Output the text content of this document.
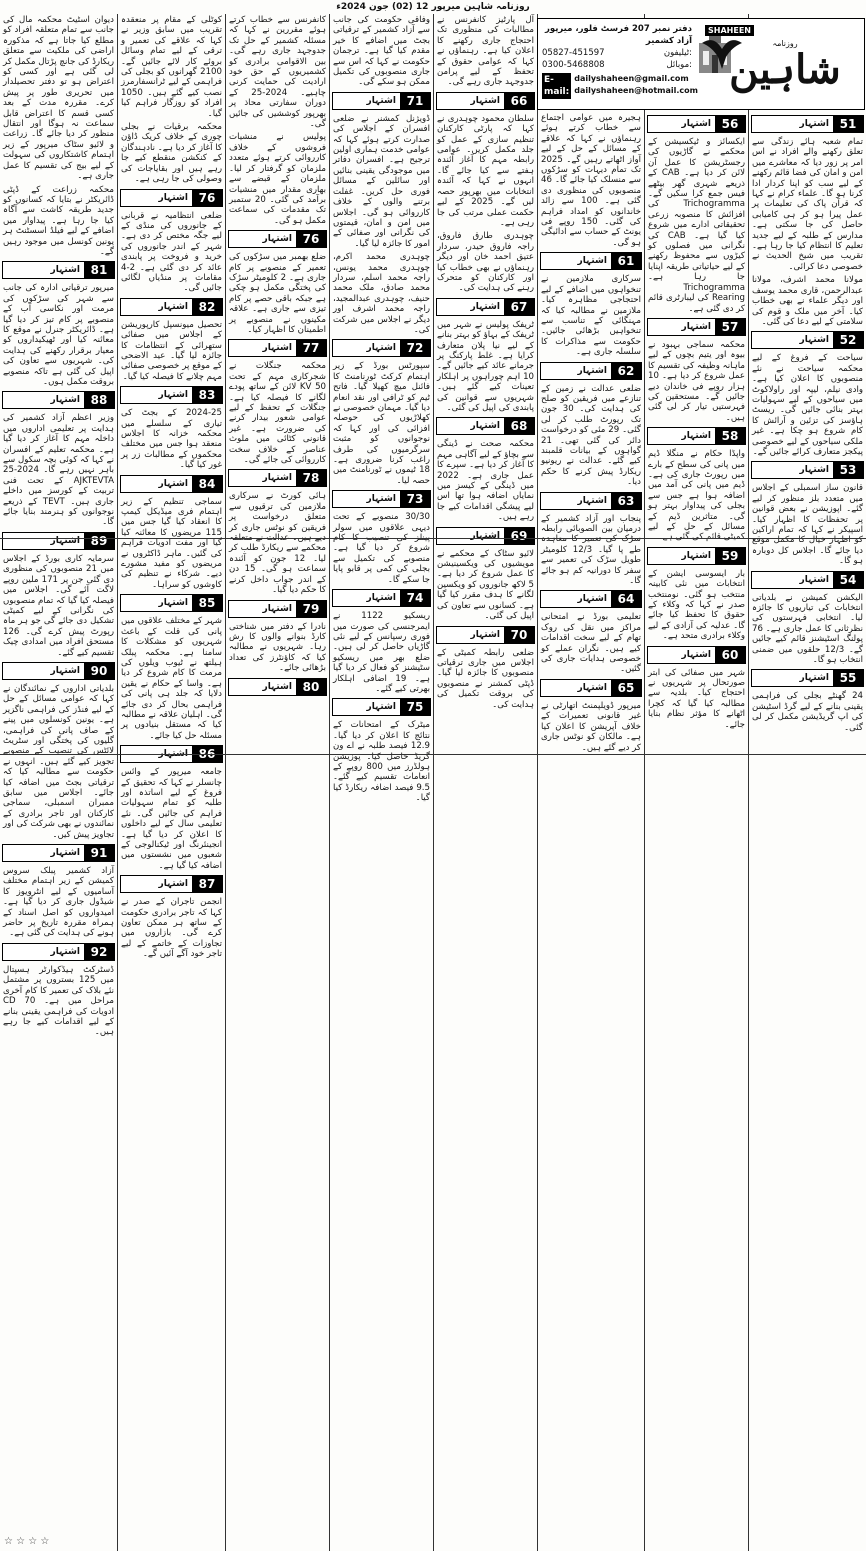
روزنامہ شاہین میرپور 12 (02) جون 2024ء
دیوان اسٹیٹ محکمہ مال کی جانب سے تمام متعلقہ افراد کو مطلع کیا جاتا ہے کہ مذکورہ اراضی کی ملکیت سے متعلق ریکارڈ کی جانچ پڑتال مکمل کر لی گئی ہے اور کسی کو اعتراض ہو تو دفتر تحصیلدار میں تحریری طور پر پیش کرے۔ مقررہ مدت کے بعد کسی قسم کا اعتراض قابل سماعت نہ ہوگا اور انتقال منظور کر دیا جائے گا۔ زراعت و لائیو سٹاک میرپور کے زیر اہتمام کاشتکاروں کی سہولت کے لیے بیج کی تقسیم کا عمل جاری ہے۔
محکمہ زراعت کے ڈپٹی ڈائریکٹر نے بتایا کہ کسانوں کو جدید طریقہ کاشت سے آگاہ کیا جا رہا ہے۔ پیداوار میں اضافے کے لیے فیلڈ اسسٹنٹ ہر یونین کونسل میں موجود رہیں گے۔
اشتہار 81
میرپور ترقیاتی ادارہ کی جانب سے شہر کی سڑکوں کی مرمت اور نکاسی آب کے منصوبے پر کام تیز کر دیا گیا ہے۔ ڈائریکٹر جنرل نے موقع کا معائنہ کیا اور ٹھیکیداروں کو معیار برقرار رکھنے کی ہدایت کی۔ شہریوں سے تعاون کی اپیل کی گئی ہے تاکہ منصوبے بروقت مکمل ہوں۔
اشتہار 88
وزیر اعظم آزاد کشمیر کی ہدایت پر تعلیمی اداروں میں داخلہ مہم کا آغاز کر دیا گیا ہے۔ محکمہ تعلیم کے افسران نے کہا کہ کوئی بچہ سکول سے باہر نہیں رہے گا۔ 2024-25 AJKTEVTA کے تحت فنی تربیت کے کورسز میں داخلے جاری ہیں۔ TEVT کے ذریعے نوجوانوں کو ہنرمند بنایا جائے گا۔
اشتہار 89
سرمایہ کاری بورڈ کے اجلاس میں 21 منصوبوں کی منظوری دی گئی جن پر 171 ملین روپے لاگت آئے گی۔ اجلاس میں فیصلہ کیا گیا کہ تمام منصوبوں کی نگرانی کے لیے کمیٹی تشکیل دی جائے گی جو ہر ماہ رپورٹ پیش کرے گی۔ 126 مستحق افراد میں امدادی چیک تقسیم کیے گئے۔
اشتہار 90
بلدیاتی اداروں کے نمائندگان نے کہا کہ عوامی مسائل کے حل کے لیے فنڈز کی فراہمی ناگزیر ہے۔ یونین کونسلوں میں پینے کے صاف پانی کی فراہمی، گلیوں کی پختگی اور سٹریٹ لائٹس کی تنصیب کے منصوبے تجویز کیے گئے ہیں۔ انہوں نے حکومت سے مطالبہ کیا کہ ترقیاتی بجٹ میں اضافہ کیا جائے۔ اجلاس میں سابق ممبران اسمبلی، سماجی کارکنان اور تاجر برادری کے نمائندوں نے بھی شرکت کی اور تجاویز پیش کیں۔
اشتہار 91
آزاد کشمیر پبلک سروس کمیشن کے زیر اہتمام مختلف آسامیوں کے لیے انٹرویوز کا شیڈول جاری کر دیا گیا ہے۔ امیدواروں کو اصل اسناد کے ہمراہ مقررہ تاریخ پر حاضر ہونے کی ہدایت کی گئی ہے۔
اشتہار 92
ڈسٹرکٹ ہیڈکوارٹر ہسپتال میں 125 بستروں پر مشتمل نئے بلاک کی تعمیر کا کام آخری مراحل میں ہے۔ 70 CD ادویات کی فراہمی یقینی بنانے کے لیے اقدامات کیے جا رہے ہیں۔
کوٹلی کے مقام پر منعقدہ تقریب میں سابق وزیر نے کہا کہ علاقے کی تعمیر و ترقی کے لیے تمام وسائل بروئے کار لائے جائیں گے۔ 2100 گھرانوں کو بجلی کی فراہمی کے لیے ٹرانسفارمرز نصب کیے گئے ہیں۔ 1050 افراد کو روزگار فراہم کیا گیا۔
محکمہ برقیات نے بجلی چوری کے خلاف کریک ڈاؤن کا آغاز کر دیا ہے۔ نادہندگان کے کنکشن منقطع کیے جا رہے ہیں اور بقایاجات کی وصولی کی جا رہی ہے۔
اشتہار 76
ضلعی انتظامیہ نے قربانی کے جانوروں کی منڈی کے لیے جگہ مختص کر دی ہے۔ شہر کے اندر جانوروں کی خرید و فروخت پر پابندی عائد کر دی گئی ہے۔ 2-4 مقامات پر منڈیاں لگائی جائیں گی۔
اشتہار 82
تحصیل میونسپل کارپوریشن کے اجلاس میں صفائی ستھرائی کے انتظامات کا جائزہ لیا گیا۔ عید الاضحی کے موقع پر خصوصی صفائی مہم چلانے کا فیصلہ کیا گیا۔
اشتہار 83
2024-25 کے بجٹ کی تیاری کے سلسلے میں محکمہ خزانہ کا اجلاس منعقد ہوا جس میں مختلف محکموں کے مطالبات زر پر غور کیا گیا۔
اشتہار 84
سماجی تنظیم کے زیر اہتمام فری میڈیکل کیمپ کا انعقاد کیا گیا جس میں 115 مریضوں کا معائنہ کیا گیا اور مفت ادویات فراہم کی گئیں۔ ماہر ڈاکٹروں نے مریضوں کو مفید مشورے دیے۔ شرکاء نے تنظیم کی کاوشوں کو سراہا۔
اشتہار 85
شہر کے مختلف علاقوں میں پانی کی قلت کے باعث شہریوں کو مشکلات کا سامنا ہے۔ محکمہ پبلک ہیلتھ نے ٹیوب ویلوں کی مرمت کا کام شروع کر دیا ہے۔ واسا کے حکام نے یقین دلایا کہ جلد ہی پانی کی فراہمی بحال کر دی جائے گی۔ اہلیان علاقہ نے مطالبہ کیا کہ مستقل بنیادوں پر مسئلہ حل کیا جائے۔
اشتہار 86
جامعہ میرپور کے وائس چانسلر نے کہا کہ تحقیق کے فروغ کے لیے اساتذہ اور طلبہ کو تمام سہولیات فراہم کی جائیں گی۔ نئے تعلیمی سال کے لیے داخلوں کا اعلان کر دیا گیا ہے۔ انجینئرنگ اور ٹیکنالوجی کے شعبوں میں نشستوں میں اضافہ کیا گیا ہے۔
اشتہار 87
انجمن تاجران کے صدر نے کہا کہ تاجر برادری حکومت کے ساتھ ہر ممکن تعاون کرے گی۔ بازاروں میں تجاوزات کے خاتمے کے لیے تاجر خود آگے آئیں گے۔
کانفرنس سے خطاب کرتے ہوئے مقررین نے کہا کہ مسئلہ کشمیر کے حل تک جدوجہد جاری رہے گی۔ بین الاقوامی برادری کو کشمیریوں کے حق خود ارادیت کی حمایت کرنی چاہیے۔ 2024-25 کے دوران سفارتی محاذ پر بھرپور کوششیں کی جائیں گی۔
پولیس نے منشیات فروشوں کے خلاف کارروائی کرتے ہوئے متعدد ملزمان کو گرفتار کر لیا۔ ملزمان کے قبضے سے بھاری مقدار میں منشیات برآمد کی گئی۔ 20 ستمبر تک مقدمات کی سماعت مکمل ہو گی۔
اشتہار 76
ضلع بھمبر میں سڑکوں کی تعمیر کے منصوبے پر کام جاری ہے۔ 2 کلومیٹر سڑک کی پختگی مکمل ہو چکی ہے جبکہ باقی حصے پر کام تیزی سے جاری ہے۔ علاقہ مکینوں نے منصوبے پر اطمینان کا اظہار کیا۔
اشتہار 77
محکمہ جنگلات نے شجرکاری مہم کے تحت 50 KV لائن کے ساتھ پودے لگانے کا فیصلہ کیا ہے۔ جنگلات کے تحفظ کے لیے عوامی شعور بیدار کرنے کی ضرورت ہے۔ غیر قانونی کٹائی میں ملوث عناصر کے خلاف سخت کارروائی کی جائے گی۔
اشتہار 78
ہائی کورٹ نے سرکاری ملازمین کی ترقیوں سے متعلق درخواست پر فریقین کو نوٹس جاری کر دیے ہیں۔ عدالت نے متعلقہ محکمے سے ریکارڈ طلب کر لیا۔ 12 جون کو آئندہ سماعت ہو گی۔ 15 دن کے اندر جواب داخل کرنے کا حکم دیا گیا۔
اشتہار 79
نادرا کے دفتر میں شناختی کارڈ بنوانے والوں کا رش رہا۔ شہریوں نے مطالبہ کیا کہ کاؤنٹرز کی تعداد بڑھائی جائے۔
اشتہار 80
وفاقی حکومت کی جانب سے آزاد کشمیر کے ترقیاتی بجٹ میں اضافے کا خیر مقدم کیا گیا ہے۔ ترجمان حکومت نے کہا کہ اس سے جاری منصوبوں کی تکمیل ممکن ہو سکے گی۔
اشتہار 71
ڈویژنل کمشنر نے ضلعی افسران کے اجلاس کی صدارت کرتے ہوئے کہا کہ عوامی خدمت ہماری اولین ترجیح ہے۔ افسران دفاتر میں موجودگی یقینی بنائیں اور سائلین کے مسائل فوری حل کریں۔ غفلت برتنے والوں کے خلاف کارروائی ہو گی۔ اجلاس میں امن و امان، قیمتوں کی نگرانی اور صفائی کے امور کا جائزہ لیا گیا۔
چوہدری محمد اکرم، چوہدری محمد یونس، راجہ محمد اسلم، سردار محمد صادق، ملک محمد حنیف، چوہدری عبدالمجید، راجہ محمد اشرف اور دیگر نے اجلاس میں شرکت کی۔
اشتہار 72
سپورٹس بورڈ کے زیر اہتمام کرکٹ ٹورنامنٹ کا فائنل میچ کھیلا گیا۔ فاتح ٹیم کو ٹرافی اور نقد انعام دیا گیا۔ مہمان خصوصی نے کھلاڑیوں کی حوصلہ افزائی کی اور کہا کہ نوجوانوں کو مثبت سرگرمیوں کی طرف راغب کرنا ضروری ہے۔ 18 ٹیموں نے ٹورنامنٹ میں حصہ لیا۔
اشتہار 73
30/30 منصوبے کے تحت دیہی علاقوں میں سولر پینلز کی تنصیب کا کام شروع کر دیا گیا ہے۔ منصوبے کی تکمیل سے بجلی کی کمی پر قابو پایا جا سکے گا۔
اشتہار 74
ریسکیو 1122 نے ایمرجنسی کی صورت میں فوری رسپانس کے لیے نئی گاڑیاں حاصل کر لی ہیں۔ ضلع بھر میں ریسکیو سٹیشنز کو فعال کر دیا گیا ہے۔ 19 اضافی اہلکار بھرتی کیے گئے۔
اشتہار 75
میٹرک کے امتحانات کے نتائج کا اعلان کر دیا گیا۔ 12.9 فیصد طلبہ نے اے ون گریڈ حاصل کیا۔ پوزیشن ہولڈرز میں 800 روپے کے انعامات تقسیم کیے گئے۔ 9.5 فیصد اضافہ ریکارڈ کیا گیا۔
آل پارٹیز کانفرنس نے مطالبات کی منظوری تک احتجاج جاری رکھنے کا اعلان کیا ہے۔ رہنماؤں نے کہا کہ عوامی حقوق کے تحفظ کے لیے پرامن جدوجہد جاری رہے گی۔
اشتہار 66
سلطان محمود چوہدری نے کہا کہ پارٹی کارکنان تنظیم سازی کے عمل کو جلد مکمل کریں۔ عوامی رابطہ مہم کا آغاز آئندہ ہفتے سے کیا جائے گا۔ انہوں نے کہا کہ آئندہ انتخابات میں بھرپور حصہ لیں گے۔ 2025 کے لیے حکمت عملی مرتب کی جا رہی ہے۔
چوہدری طارق فاروق، راجہ فاروق حیدر، سردار عتیق احمد خان اور دیگر رہنماؤں نے بھی خطاب کیا اور کارکنان کو متحرک رہنے کی ہدایت کی۔
اشتہار 67
ٹریفک پولیس نے شہر میں ٹریفک کے بہاؤ کو بہتر بنانے کے لیے نیا پلان متعارف کرایا ہے۔ غلط پارکنگ پر جرمانے عائد کیے جائیں گے۔ 10 اہم چوراہوں پر اہلکار تعینات کیے گئے ہیں۔ شہریوں سے قوانین کی پابندی کی اپیل کی گئی۔
اشتہار 68
محکمہ صحت نے ڈینگی سے بچاؤ کے لیے آگاہی مہم کا آغاز کر دیا ہے۔ سپرے کا عمل جاری ہے۔ 2022 میں ڈینگی کے کیسز میں نمایاں اضافہ ہوا تھا اس لیے پیشگی اقدامات کیے جا رہے ہیں۔
اشتہار 69
لائیو سٹاک کے محکمے نے مویشیوں کی ویکسینیشن کا عمل شروع کر دیا ہے۔ 5 لاکھ جانوروں کو ویکسین لگانے کا ہدف مقرر کیا گیا ہے۔ کسانوں سے تعاون کی اپیل کی گئی۔
اشتہار 70
ضلعی رابطہ کمیٹی کے اجلاس میں جاری ترقیاتی منصوبوں کا جائزہ لیا گیا۔ ڈپٹی کمشنر نے منصوبوں کی بروقت تکمیل کی ہدایت کی۔
ہجیرہ میں عوامی اجتماع سے خطاب کرتے ہوئے رہنماؤں نے کہا کہ علاقے کے مسائل کے حل کے لیے آواز اٹھاتے رہیں گے۔ 2025 تک تمام دیہات کو سڑکوں سے منسلک کیا جائے گا۔ 46 منصوبوں کی منظوری دی گئی ہے۔ 100 سے زائد خاندانوں کو امداد فراہم کی گئی۔ 150 روپے فی یونٹ کے حساب سے ادائیگی ہو گی۔
اشتہار 61
سرکاری ملازمین نے تنخواہوں میں اضافے کے لیے احتجاجی مظاہرہ کیا۔ ملازمین نے مطالبہ کیا کہ مہنگائی کے تناسب سے تنخواہیں بڑھائی جائیں۔ حکومت سے مذاکرات کا سلسلہ جاری ہے۔
اشتہار 62
ضلعی عدالت نے زمین کے تنازعے میں فریقین کو صلح کی ہدایت کی۔ 30 جون تک رپورٹ طلب کر لی گئی۔ 29 مئی کو درخواست دائر کی گئی تھی۔ 21 گواہوں کے بیانات قلمبند کیے گئے۔ عدالت نے ریونیو ریکارڈ پیش کرنے کا حکم دیا۔
اشتہار 63
پنجاب اور آزاد کشمیر کے درمیان بین الصوبائی رابطہ سڑک کی تعمیر کا معاہدہ طے پا گیا۔ 12/3 کلومیٹر طویل سڑک کی تعمیر سے سفر کا دورانیہ کم ہو جائے گا۔
اشتہار 64
تعلیمی بورڈ نے امتحانی مراکز میں نقل کی روک تھام کے لیے سخت اقدامات کیے ہیں۔ نگران عملے کو خصوصی ہدایات جاری کی گئیں۔
اشتہار 65
میرپور ڈویلپمنٹ اتھارٹی نے غیر قانونی تعمیرات کے خلاف آپریشن کا اعلان کیا ہے۔ مالکان کو نوٹس جاری کر دیے گئے ہیں۔
اشتہار 56
ایکسائز و ٹیکسیشن کے محکمے نے گاڑیوں کی رجسٹریشن کا عمل آن لائن کر دیا ہے۔ CAB کے ذریعے شہری گھر بیٹھے فیس جمع کرا سکیں گے۔ Trichogramma کی افزائش کا منصوبہ زرعی تحقیقاتی ادارے میں شروع کیا گیا ہے۔ CAB کی نگرانی میں فصلوں کو کیڑوں سے محفوظ رکھنے کے لیے حیاتیاتی طریقہ اپنایا جا رہا ہے۔ Trichogramma Rearing کی لیبارٹری قائم کر دی گئی ہے۔
اشتہار 57
محکمہ سماجی بہبود نے بیوہ اور یتیم بچوں کے لیے ماہانہ وظیفہ کی تقسیم کا عمل شروع کر دیا ہے۔ 10 ہزار روپے فی خاندان دیے جائیں گے۔ مستحقین کی فہرستیں تیار کر لی گئی ہیں۔
اشتہار 58
واپڈا حکام نے منگلا ڈیم میں پانی کی سطح کے بارے میں رپورٹ جاری کی ہے۔ ڈیم میں پانی کی آمد میں اضافہ ہوا ہے جس سے بجلی کی پیداوار بہتر ہو گی۔ متاثرین ڈیم کے مسائل کے حل کے لیے کمیٹی قائم کی گئی ہے۔
اشتہار 59
بار ایسوسی ایشن کے انتخابات میں نئی کابینہ منتخب ہو گئی۔ نومنتخب صدر نے کہا کہ وکلاء کے حقوق کا تحفظ کیا جائے گا۔ عدلیہ کی آزادی کے لیے وکلاء برادری متحد ہے۔
اشتہار 60
شہر میں صفائی کی ابتر صورتحال پر شہریوں نے احتجاج کیا۔ بلدیہ سے مطالبہ کیا گیا کہ کچرا اٹھانے کا مؤثر نظام بنایا جائے۔
اشتہار 51
تمام شعبہ ہائے زندگی سے تعلق رکھنے والے افراد نے اس امر پر زور دیا کہ معاشرے میں امن و امان کی فضا قائم رکھنے کے لیے سب کو اپنا کردار ادا کرنا ہو گا۔ علماء کرام نے کہا کہ قرآن پاک کی تعلیمات پر عمل پیرا ہو کر ہی کامیابی حاصل کی جا سکتی ہے۔ مدارس کے طلبہ کے لیے جدید تعلیم کا انتظام کیا جا رہا ہے۔ تقریب میں شیخ الحدیث نے خصوصی دعا کرائی۔
مولانا محمد اشرف، مولانا عبدالرحمن، قاری محمد یوسف اور دیگر علماء نے بھی خطاب کیا۔ آخر میں ملک و قوم کی سلامتی کے لیے دعا کی گئی۔
اشتہار 52
سیاحت کے فروغ کے لیے محکمہ سیاحت نے نئے منصوبوں کا اعلان کیا ہے۔ وادی نیلم، لیپہ اور راولاکوٹ میں سیاحوں کے لیے سہولیات بہتر بنائی جائیں گی۔ ریسٹ ہاؤسز کی تزئین و آرائش کا کام شروع ہو چکا ہے۔ غیر ملکی سیاحوں کے لیے خصوصی پیکجز متعارف کرائے جائیں گے۔
اشتہار 53
قانون ساز اسمبلی کے اجلاس میں متعدد بلز منظور کر لیے گئے۔ اپوزیشن نے بعض قوانین پر تحفظات کا اظہار کیا۔ اسپیکر نے کہا کہ تمام اراکین کو اظہار خیال کا مکمل موقع دیا جائے گا۔ اجلاس کل دوبارہ ہو گا۔
اشتہار 54
الیکشن کمیشن نے بلدیاتی انتخابات کی تیاریوں کا جائزہ لیا۔ انتخابی فہرستوں کی نظرثانی کا عمل جاری ہے۔ 76 پولنگ اسٹیشنز قائم کیے جائیں گے۔ 12/3 حلقوں میں ضمنی انتخاب ہو گا۔
اشتہار 55
24 گھنٹے بجلی کی فراہمی یقینی بنانے کے لیے گرڈ اسٹیشن کی اپ گریڈیشن مکمل کر لی گئی۔
دفتر نمبر 207 فرسٹ فلور، میرپور آزاد کشمیر
05827-451597	ٹیلیفون:
0300-5468808	موبائل:
E-mail:
dailyshaheen@gmail.com
dailyshaheen@hotmail.com
SHAHEEN
روزنامہ
شاہین
☆ ☆ ☆ ☆
